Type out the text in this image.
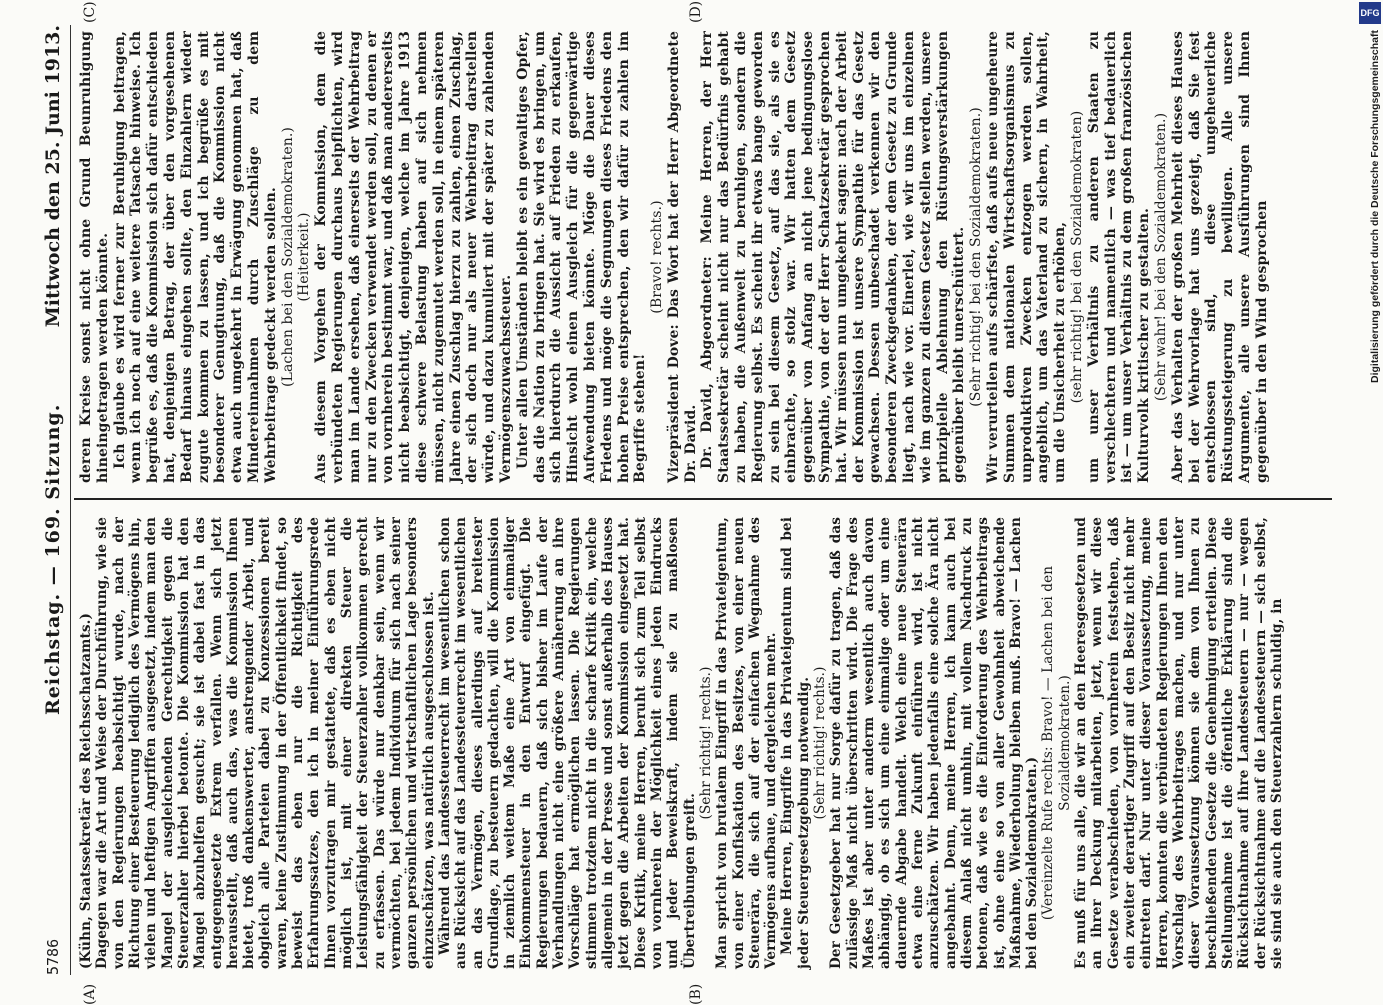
5786
Reichstag. — 169. Sitzung.
Mittwoch den 25. Juni 1913.
(A)	(B)
(C)	(D)

(Kühn, Staatssekretär des Reichsschatzamts.) Dagegen war die Art und Weise der Durchführung, wie sie von den Regierungen beabsichtigt wurde, nach der Richtung einer Besteuerung lediglich des Vermögens hin, vielen und heftigen Angriffen ausgesetzt, indem man den Mangel der ausgleichenden Gerechtigkeit gegen die Steuerzahler hierbei betonte. Die Kommission hat den Mangel abzuhelfen gesucht; sie ist dabei fast in das entgegengesetzte Extrem verfallen. Wenn sich jetzt herausstellt, daß auch das, was die Kommission Ihnen bietet, troß dankenswerter, anstrengender Arbeit, und obgleich alle Parteien dabei zu Konzessionen bereit waren, keine Zustimmung in der Öffentlichkeit findet, so beweist das eben nur die Richtigkeit des Erfahrungssatzes, den ich in meiner Einführungsrede Ihnen vorzutragen mir gestattete, daß es eben nicht möglich ist, mit einer direkten Steuer die Leistungsfähigkeit der Steuerzahler vollkommen gerecht zu erfassen. Das würde nur denkbar sein, wenn wir vermöchten, bei jedem Individuum für sich nach seiner ganzen persönlichen und wirtschaftlichen Lage besonders einzuschätzen, was natürlich ausgeschlossen ist. Während das Landessteuerrecht im wesentlichen schon aus Rücksicht auf das Landessteuerrecht im wesentlichen an das Vermögen, dieses allerdings auf breitester Grundlage, zu besteuern gedachten, will die Kommission in ziemlich weitem Maße eine Art von einmaliger Einkommensteuer in den Entwurf eingefügt. Die Regierungen bedauern, daß sich bisher im Laufe der Verhandlungen nicht eine größere Annäherung an ihre Vorschläge hat ermöglichen lassen. Die Regierungen stimmen trotzdem nicht in die scharfe Kritik ein, welche allgemein in der Presse und sonst außerhalb des Hauses jetzt gegen die Arbeiten der Kommission eingesetzt hat. Diese Kritik, meine Herren, beruht sich zum Teil selbst von vornherein der Möglichkeit eines jeden Eindrucks und jeder Beweiskraft, indem sie zu maßlosen Übertreibungen greift.

(Sehr richtig! rechts.) Man spricht von brutalem Eingriff in das Privateigentum, von einer Konfiskation des Besitzes, von einer neuen Steuerära, die sich auf der einfachen Wegnahme des Vermögens aufbaue, und dergleichen mehr. Meine Herren, Eingriffe in das Privateigentum sind bei jeder Steuergesetzgebung notwendig. (Sehr richtig! rechts.) Der Gesetzgeber hat nur Sorge dafür zu tragen, daß das zulässige Maß nicht überschritten wird. Die Frage des Maßes ist aber unter anderm wesentlich auch davon abhängig, ob es sich um eine einmalige oder um eine dauernde Abgabe handelt. Welch eine neue Steuerära etwa eine ferne Zukunft einführen wird, ist nicht anzuschätzen. Wir haben jedenfalls eine solche Ära nicht angebahnt. Denn, meine Herren, ich kann auch bei diesem Anlaß nicht umhin, mit vollem Nachdruck zu betonen, daß wie es die Einforderung des Wehrbeitrags ist, ohne eine so von aller Gewohnheit abweichende Maßnahme, Wiederholung bleiben muß. Bravo! — Lachen bei den Sozialdemokraten.) (Vereinzelte Rufe rechts: Bravo! — Lachen bei den Sozialdemokraten.) Es muß für uns alle, die wir an den Heeresgesetzen und an ihrer Deckung mitarbeiten, jetzt, wenn wir diese Gesetze verabschieden, von vornherein feststehen, daß ein zweiter derartiger Zugriff auf den Besitz nicht mehr eintreten darf. Nur unter dieser Voraussetzung, meine Herren, konnten die verbündeten Regierungen Ihnen den Vorschlag des Wehrbeitrages machen, und nur unter dieser Voraussetzung können sie dem von Ihnen zu beschließenden Gesetze die Genehmigung erteilen. Diese Stellungnahme ist die öffentliche Erklärung sind die Rücksichtnahme auf ihre Landessteuern — nur — wegen der Rücksichtnahme auf die Landessteuern — sich selbst, sie sind sie auch den Steuerzahlern schuldig, in

deren Kreise sonst nicht ohne Grund Beunruhigung hineingetragen werden könnte. Ich glaube es wird ferner zur Beruhigung beitragen, wenn ich noch auf eine weitere Tatsache hinweise. Ich begrüße es, daß die Kommission sich dafür entschieden hat, denjenigen Betrag, der über den vorgesehenen Bedarf hinaus eingehen sollte, den Einzahlern wieder zugute kommen zu lassen, und ich begrüße es mit besonderer Genugtuung, daß die Kommission nicht etwa auch umgekehrt in Erwägung genommen hat, daß Mindereinnahmen durch Zuschläge zu dem Wehrbeitrage gedeckt werden sollen. (Lachen bei den Sozialdemokraten.) (Heiterkeit.) Aus diesem Vorgehen der Kommission, dem die verbündeten Regierungen durchaus beipflichten, wird man im Lande ersehen, daß einerseits der Wehrbeitrag nur zu den Zwecken verwendet werden soll, zu denen er von vornherein bestimmt war, und daß man andererseits nicht beabsichtigt, denjenigen, welche im Jahre 1913 diese schwere Belastung haben auf sich nehmen müssen, nicht zugemutet werden soll, in einem späteren Jahre einen Zuschlag hierzu zu zahlen, einen Zuschlag, der sich doch nur als neuer Wehrbeitrag darstellen würde, und dazu kumuliert mit der später zu zahlenden Vermögenszuwachssteuer. Unter allen Umständen bleibt es ein gewaltiges Opfer, das die Nation zu bringen hat. Sie wird es bringen, um sich hierdurch die Aussicht auf Frieden zu erkaufen, Hinsicht wohl einen Ausgleich für die gegenwärtige Aufwendung bieten könnte. Möge die Dauer dieses Friedens und möge die Segnungen dieses Friedens den hohen Preise entsprechen, den wir dafür zu zahlen im Begriffe stehen!

(Bravo! rechts.) Vizepräsident Dove: Das Wort hat der Herr Abgeordnete Dr. David. Dr. David, Abgeordneter: Meine Herren, der Herr Staatssekretär scheint nicht nur das Bedürfnis gehabt zu haben, die Außenwelt zu beruhigen, sondern die Regierung selbst. Es scheint ihr etwas bange geworden zu sein bei diesem Gesetz, auf das sie, als sie es einbrachte, so stolz war. Wir hatten dem Gesetz gegenüber von Anfang an nicht jene bedingungslose Sympathie, von der der Herr Schatzsekretär gesprochen hat. Wir müssen nun umgekehrt sagen: nach der Arbeit der Kommission ist unsere Sympathie für das Gesetz gewachsen. Dessen unbeschadet verkennen wir den besonderen Zweckgedanken, der dem Gesetz zu Grunde liegt, nach wie vor. Einerlei, wie wir uns im einzelnen wie im ganzen zu diesem Gesetz stellen werden, unsere prinzipielle Ablehnung den Rüstungsverstärkungen gegenüber bleibt unerschüttert. (Sehr richtig! bei den Sozialdemokraten.) Wir verurteilen aufs schärfste, daß aufs neue ungeheure Summen dem nationalen Wirtschaftsorganismus zu unproduktiven Zwecken entzogen werden sollen, angeblich, um das Vaterland zu sichern, in Wahrheit, um die Unsicherheit zu erhöhen, (sehr richtig! bei den Sozialdemokraten) um unser Verhältnis zu anderen Staaten zu verschlechtern und namentlich — was tief bedauerlich ist — um unser Verhältnis zu dem großen französischen Kulturvolk kritischer zu gestalten. (Sehr wahr! bei den Sozialdemokraten.) Aber das Verhalten der großen Mehrheit dieses Hauses bei der Wehrvorlage hat uns gezeigt, daß Sie fest entschlossen sind, diese ungeheuerliche Rüstungssteigerung zu bewilligen. Alle unsere Argumente, alle unsere Ausführungen sind Ihnen gegenüber in den Wind gesprochen

DFG
Digitalisierung gefördert durch die Deutsche Forschungsgemeinschaft
